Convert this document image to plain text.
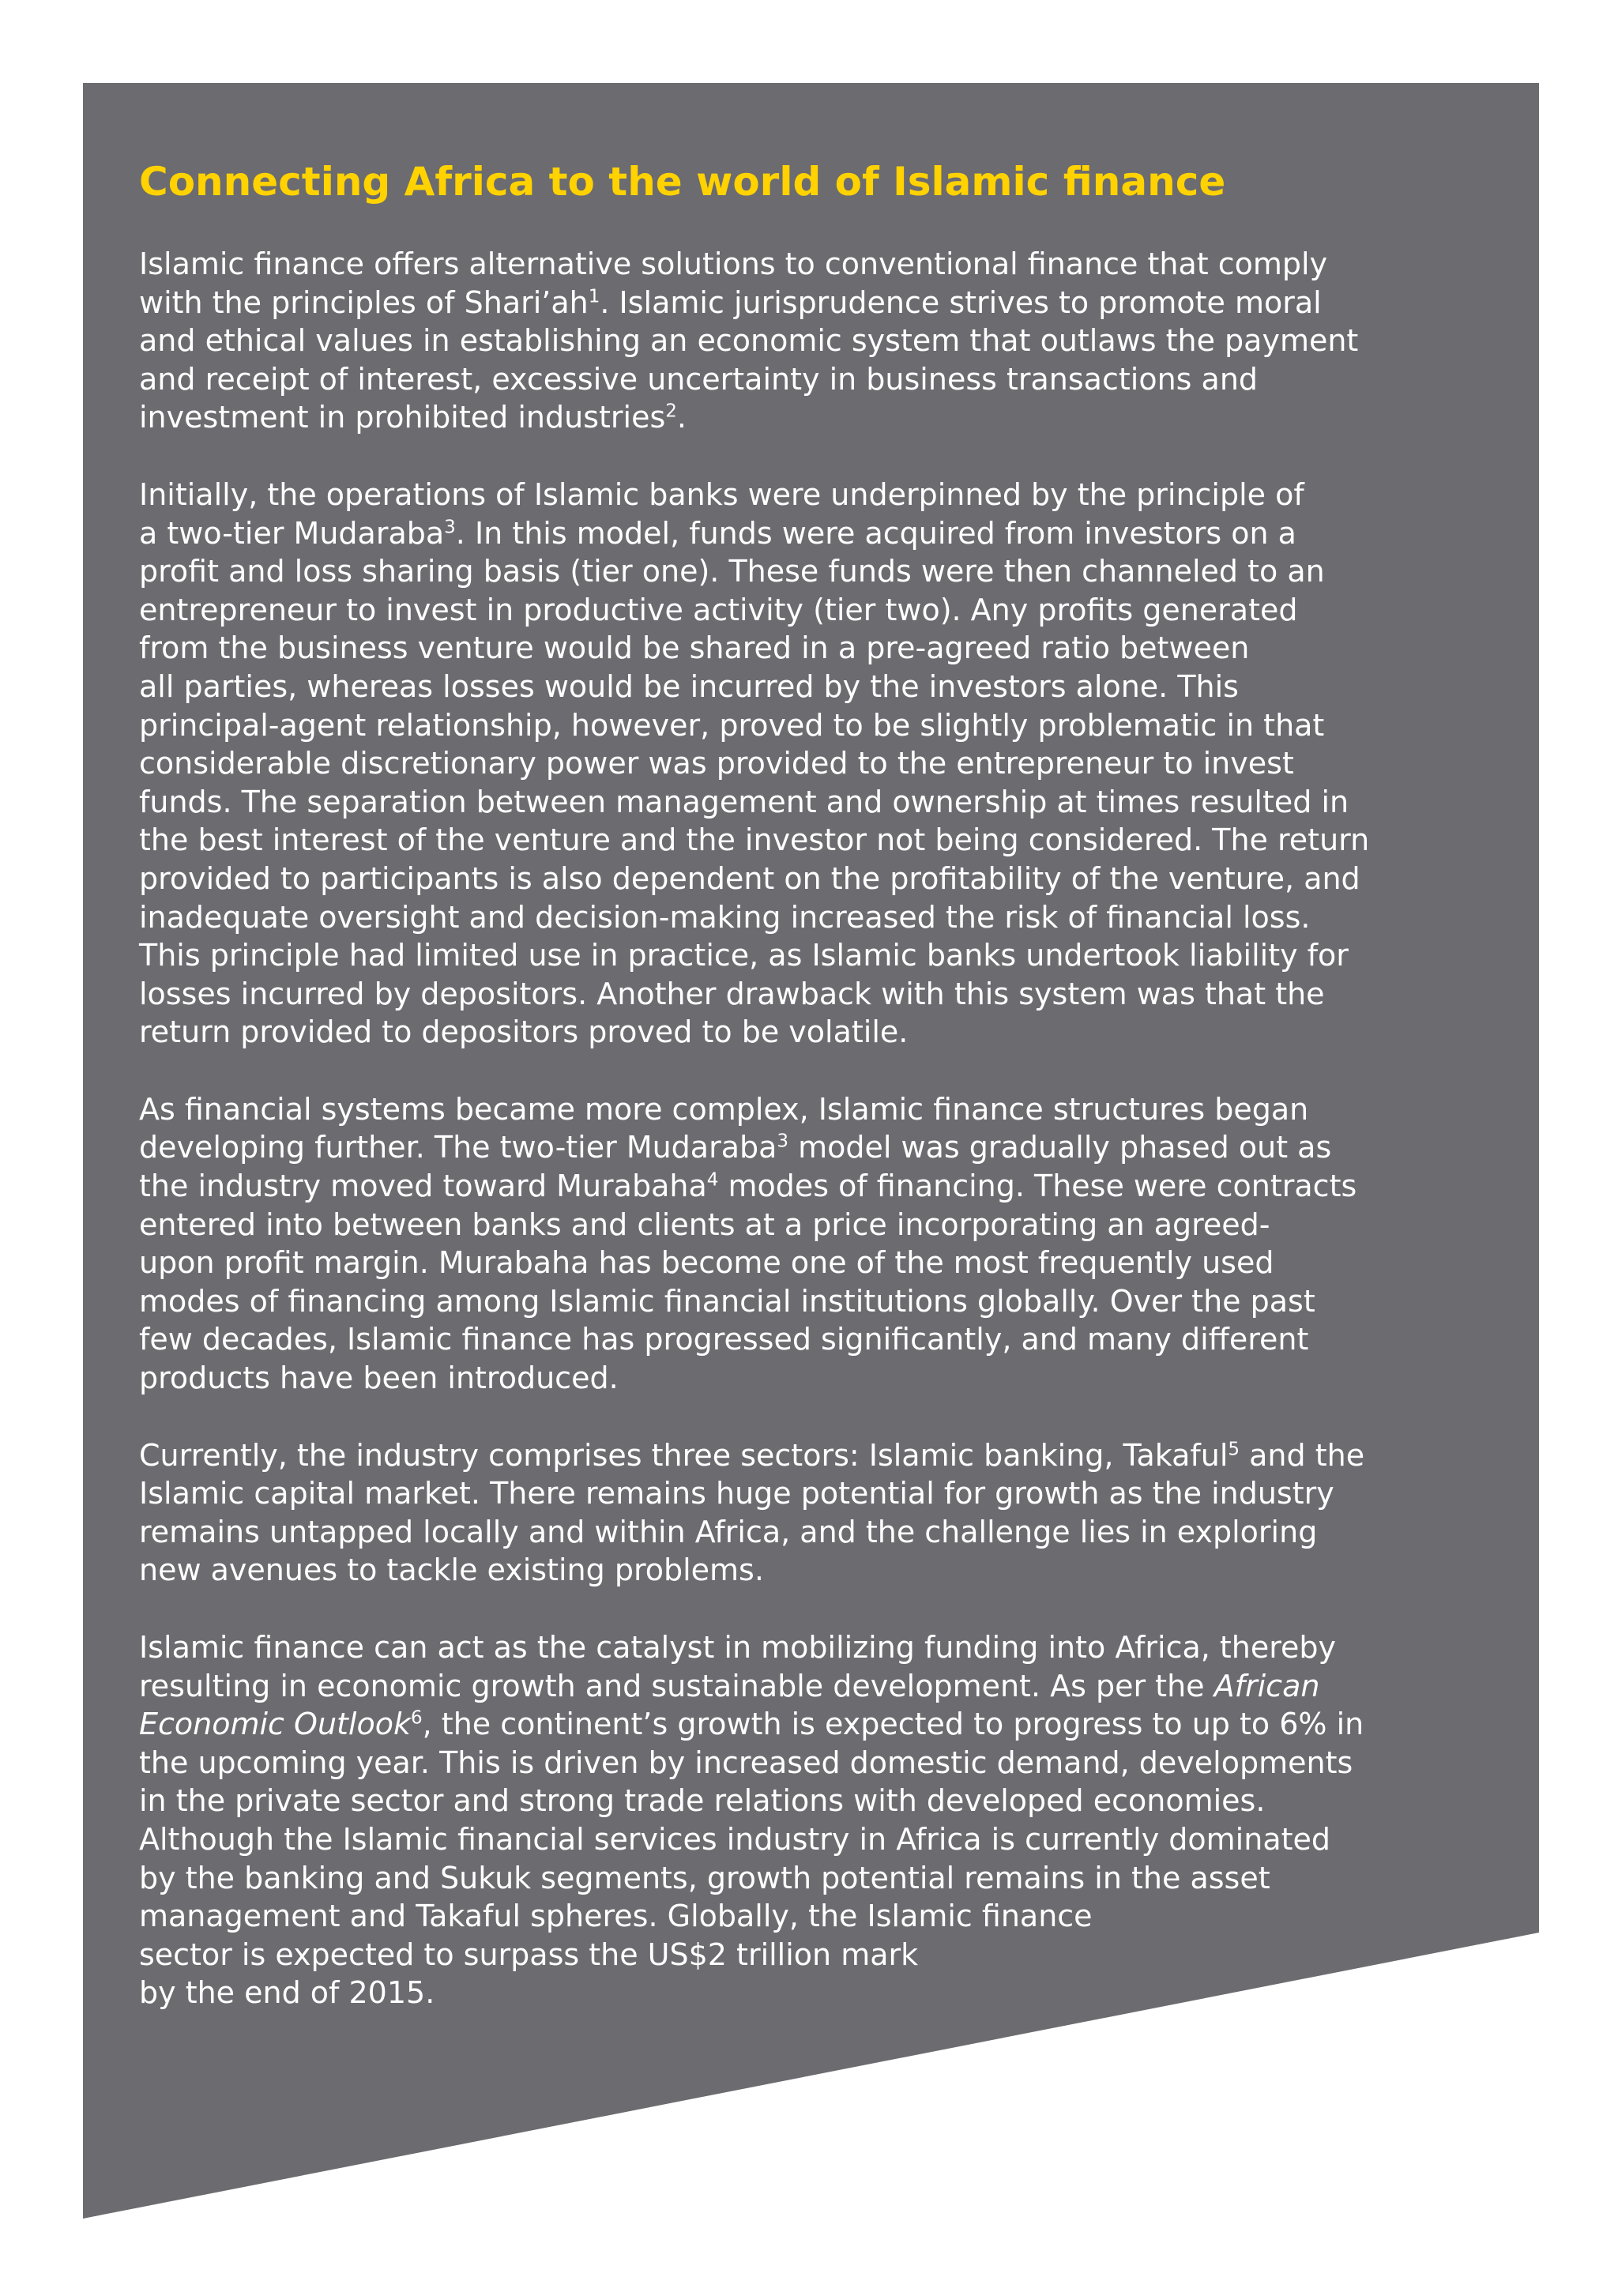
Connecting Africa to the world of Islamic finance

Islamic finance offers alternative solutions to conventional finance that comply
with the principles of $Shari’ah^1$. Islamic jurisprudence strives to promote moral
and ethical values in establishing an economic system that outlaws the payment
and receipt of interest, excessive uncertainty in business transactions and
investment in prohibited industries$^2$.

Initially, the operations of Islamic banks were underpinned by the principle of
a two-tier Mudaraba$^3$. In this model, funds were acquired from investors on a
profit and loss sharing basis (tier one). These funds were then channeled to an
entrepreneur to invest in productive activity (tier two). Any profits generated
from the business venture would be shared in a pre-agreed ratio between
all parties, whereas losses would be incurred by the investors alone. This
principal-agent relationship, however, proved to be slightly problematic in that
considerable discretionary power was provided to the entrepreneur to invest
funds. The separation between management and ownership at times resulted in
the best interest of the venture and the investor not being considered. The return
provided to participants is also dependent on the profitability of the venture, and
inadequate oversight and decision-making increased the risk of financial loss.
This principle had limited use in practice, as Islamic banks undertook liability for
losses incurred by depositors. Another drawback with this system was that the
return provided to depositors proved to be volatile.

As financial systems became more complex, Islamic finance structures began
developing further. The two-tier Mudaraba$^3$ model was gradually phased out as
the industry moved toward Murabaha$^4$ modes of financing. These were contracts
entered into between banks and clients at a price incorporating an agreed-
upon profit margin. Murabaha has become one of the most frequently used
modes of financing among Islamic financial institutions globally. Over the past
few decades, Islamic finance has progressed significantly, and many different
products have been introduced.

Currently, the industry comprises three sectors: Islamic banking, Takaful$^5$ and the
Islamic capital market. There remains huge potential for growth as the industry
remains untapped locally and within Africa, and the challenge lies in exploring
new avenues to tackle existing problems.

Islamic finance can act as the catalyst in mobilizing funding into Africa, thereby
resulting in economic growth and sustainable development. As per the African
Economic Outlook$^6$, the continent’s growth is expected to progress to up to 6% in
the upcoming year. This is driven by increased domestic demand, developments
in the private sector and strong trade relations with developed economies.
Although the Islamic financial services industry in Africa is currently dominated
by the banking and Sukuk segments, growth potential remains in the asset
management and Takaful spheres. Globally, the Islamic finance
sector is expected to surpass the US$2 trillion mark
by the end of 2015.
